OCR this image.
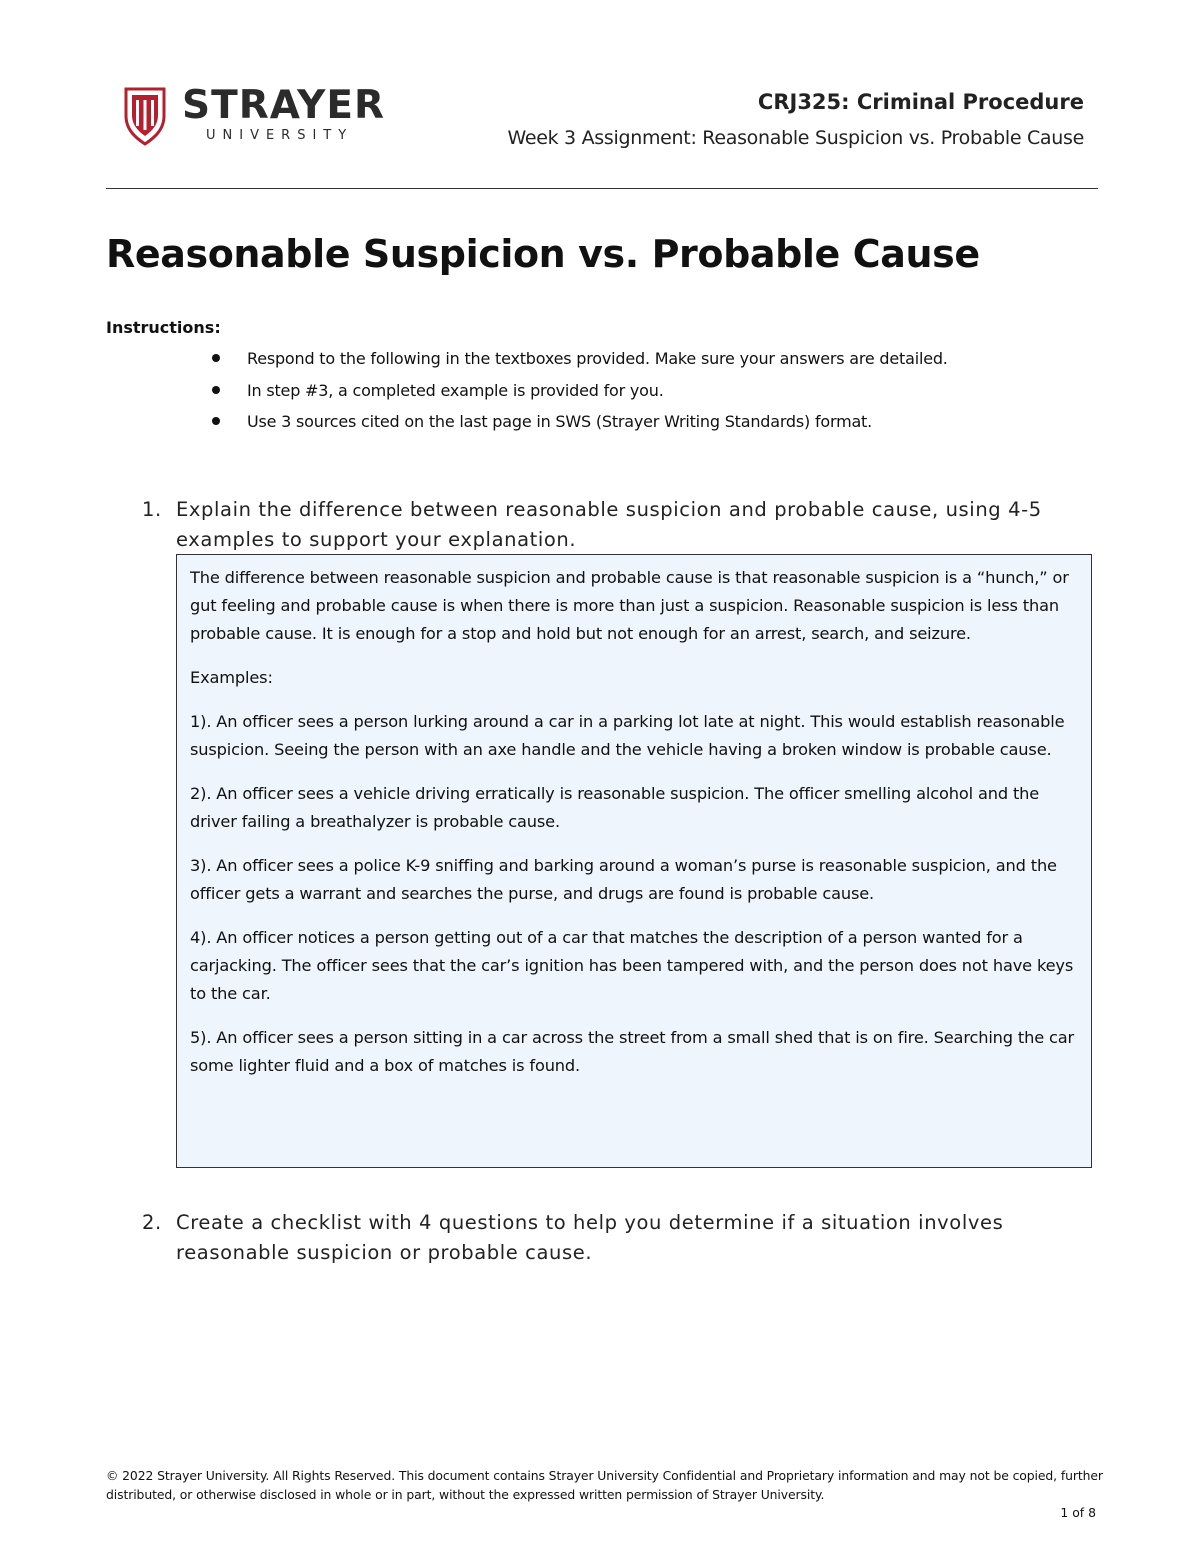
STRAYER
UNIVERSITY
CRJ325: Criminal Procedure
Week 3 Assignment: Reasonable Suspicion vs. Probable Cause
Reasonable Suspicion vs. Probable Cause
Instructions:
Respond to the following in the textboxes provided. Make sure your answers are detailed.
In step #3, a completed example is provided for you.
Use 3 sources cited on the last page in SWS (Strayer Writing Standards) format.
1. Explain the difference between reasonable suspicion and probable cause, using 4-5 examples to support your explanation.

The difference between reasonable suspicion and probable cause is that reasonable suspicion is a “hunch,” or gut feeling and probable cause is when there is more than just a suspicion. Reasonable suspicion is less than probable cause. It is enough for a stop and hold but not enough for an arrest, search, and seizure.

Examples:

1). An officer sees a person lurking around a car in a parking lot late at night. This would establish reasonable suspicion. Seeing the person with an axe handle and the vehicle having a broken window is probable cause.

2). An officer sees a vehicle driving erratically is reasonable suspicion. The officer smelling alcohol and the driver failing a breathalyzer is probable cause.

3). An officer sees a police K-9 sniffing and barking around a woman’s purse is reasonable suspicion, and the officer gets a warrant and searches the purse, and drugs are found is probable cause.

4). An officer notices a person getting out of a car that matches the description of a person wanted for a carjacking. The officer sees that the car’s ignition has been tampered with, and the person does not have keys to the car.

5). An officer sees a person sitting in a car across the street from a small shed that is on fire. Searching the car some lighter fluid and a box of matches is found.

2. Create a checklist with 4 questions to help you determine if a situation involves reasonable suspicion or probable cause.
© 2022 Strayer University. All Rights Reserved. This document contains Strayer University Confidential and Proprietary information and may not be copied, further distributed, or otherwise disclosed in whole or in part, without the expressed written permission of Strayer University.
1 of 8
